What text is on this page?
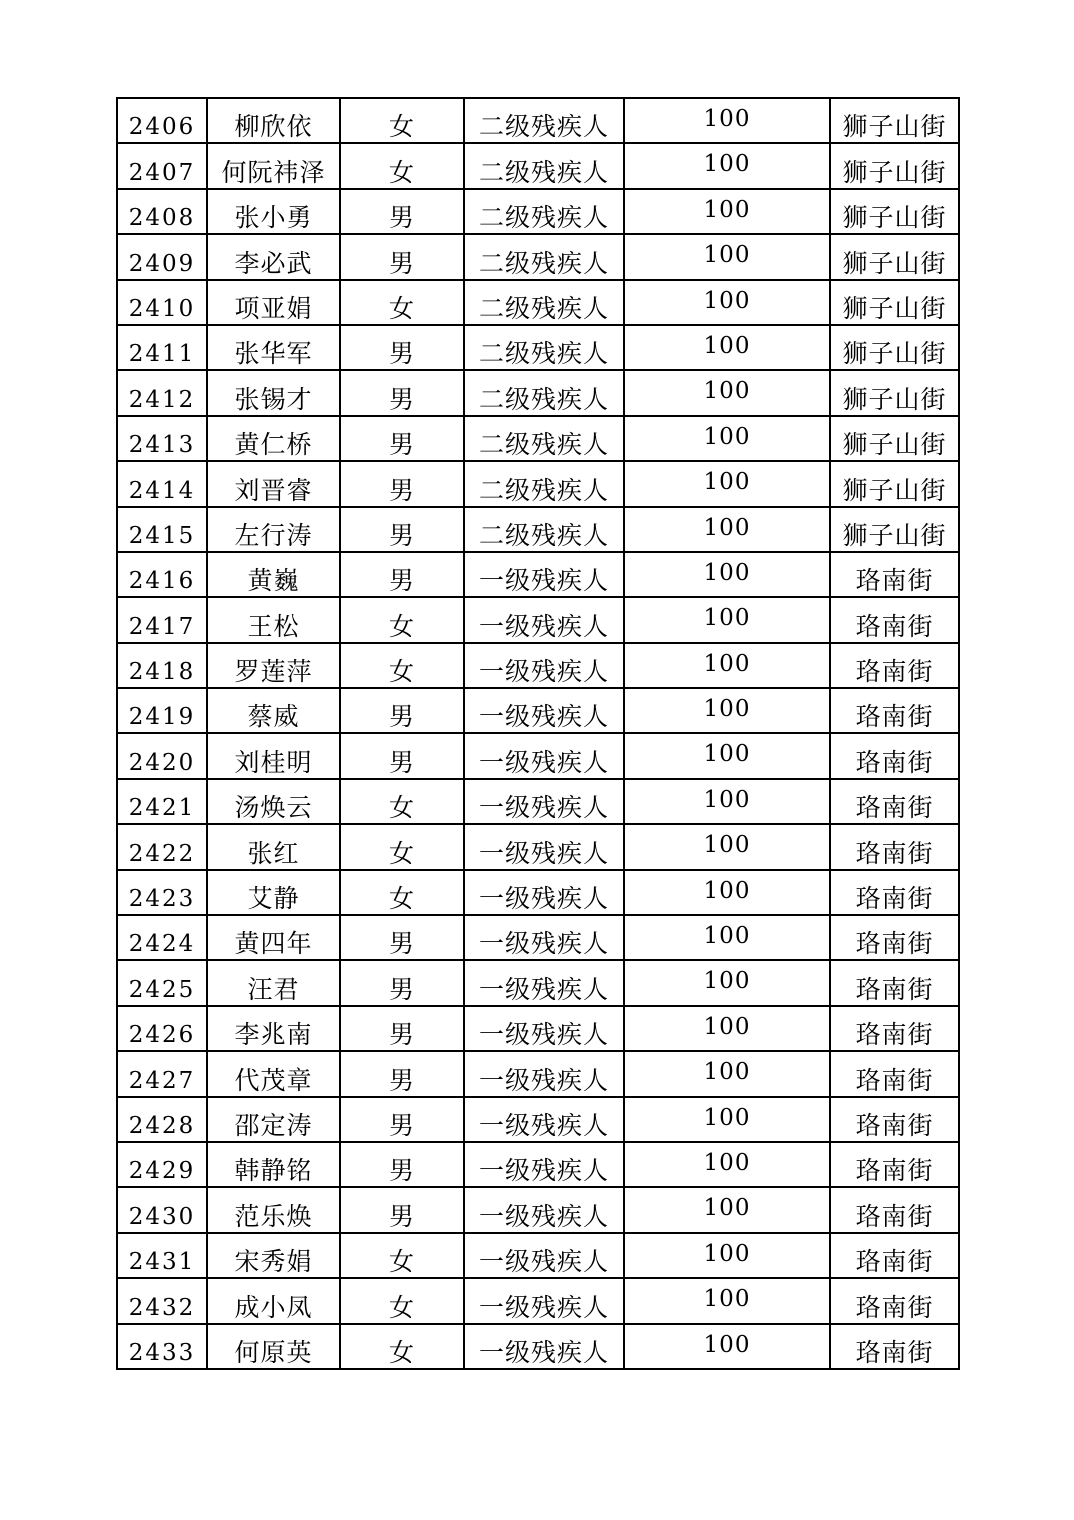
2406	柳欣依	女	二级残疾人	100	狮子山街
2407	何阮祎泽	女	二级残疾人	100	狮子山街
2408	张小勇	男	二级残疾人	100	狮子山街
2409	李必武	男	二级残疾人	100	狮子山街
2410	项亚娟	女	二级残疾人	100	狮子山街
2411	张华军	男	二级残疾人	100	狮子山街
2412	张锡才	男	二级残疾人	100	狮子山街
2413	黄仁桥	男	二级残疾人	100	狮子山街
2414	刘晋睿	男	二级残疾人	100	狮子山街
2415	左行涛	男	二级残疾人	100	狮子山街
2416	黄巍	男	一级残疾人	100	珞南街
2417	王松	女	一级残疾人	100	珞南街
2418	罗莲萍	女	一级残疾人	100	珞南街
2419	蔡威	男	一级残疾人	100	珞南街
2420	刘桂明	男	一级残疾人	100	珞南街
2421	汤焕云	女	一级残疾人	100	珞南街
2422	张红	女	一级残疾人	100	珞南街
2423	艾静	女	一级残疾人	100	珞南街
2424	黄四年	男	一级残疾人	100	珞南街
2425	汪君	男	一级残疾人	100	珞南街
2426	李兆南	男	一级残疾人	100	珞南街
2427	代茂章	男	一级残疾人	100	珞南街
2428	邵定涛	男	一级残疾人	100	珞南街
2429	韩静铭	男	一级残疾人	100	珞南街
2430	范乐焕	男	一级残疾人	100	珞南街
2431	宋秀娟	女	一级残疾人	100	珞南街
2432	成小凤	女	一级残疾人	100	珞南街
2433	何原英	女	一级残疾人	100	珞南街
